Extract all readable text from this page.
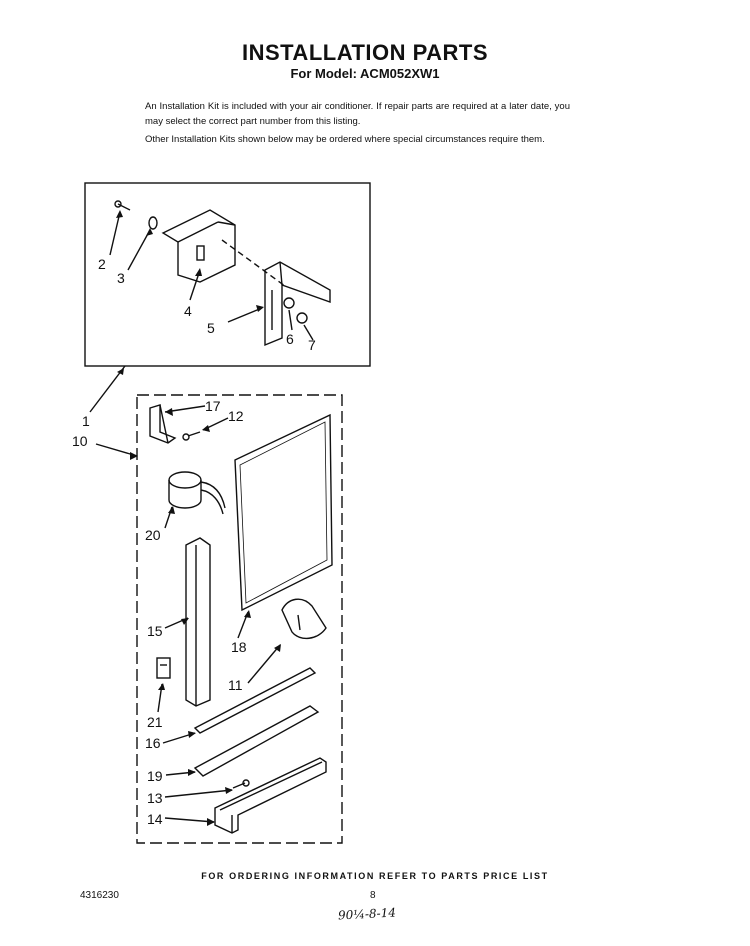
INSTALLATION PARTS
For Model: ACM052XW1
An Installation Kit is included with your air conditioner. If repair parts are required at a later date, you may select the correct part number from this listing.
Other Installation Kits shown below may be ordered where special circumstances require them.
2
3
4
5
6 7
1
10
17
12
20
15
18
11
21
16
19
13
14
FOR ORDERING INFORMATION REFER TO PARTS PRICE LIST
4316230	8
90¼-8-14
